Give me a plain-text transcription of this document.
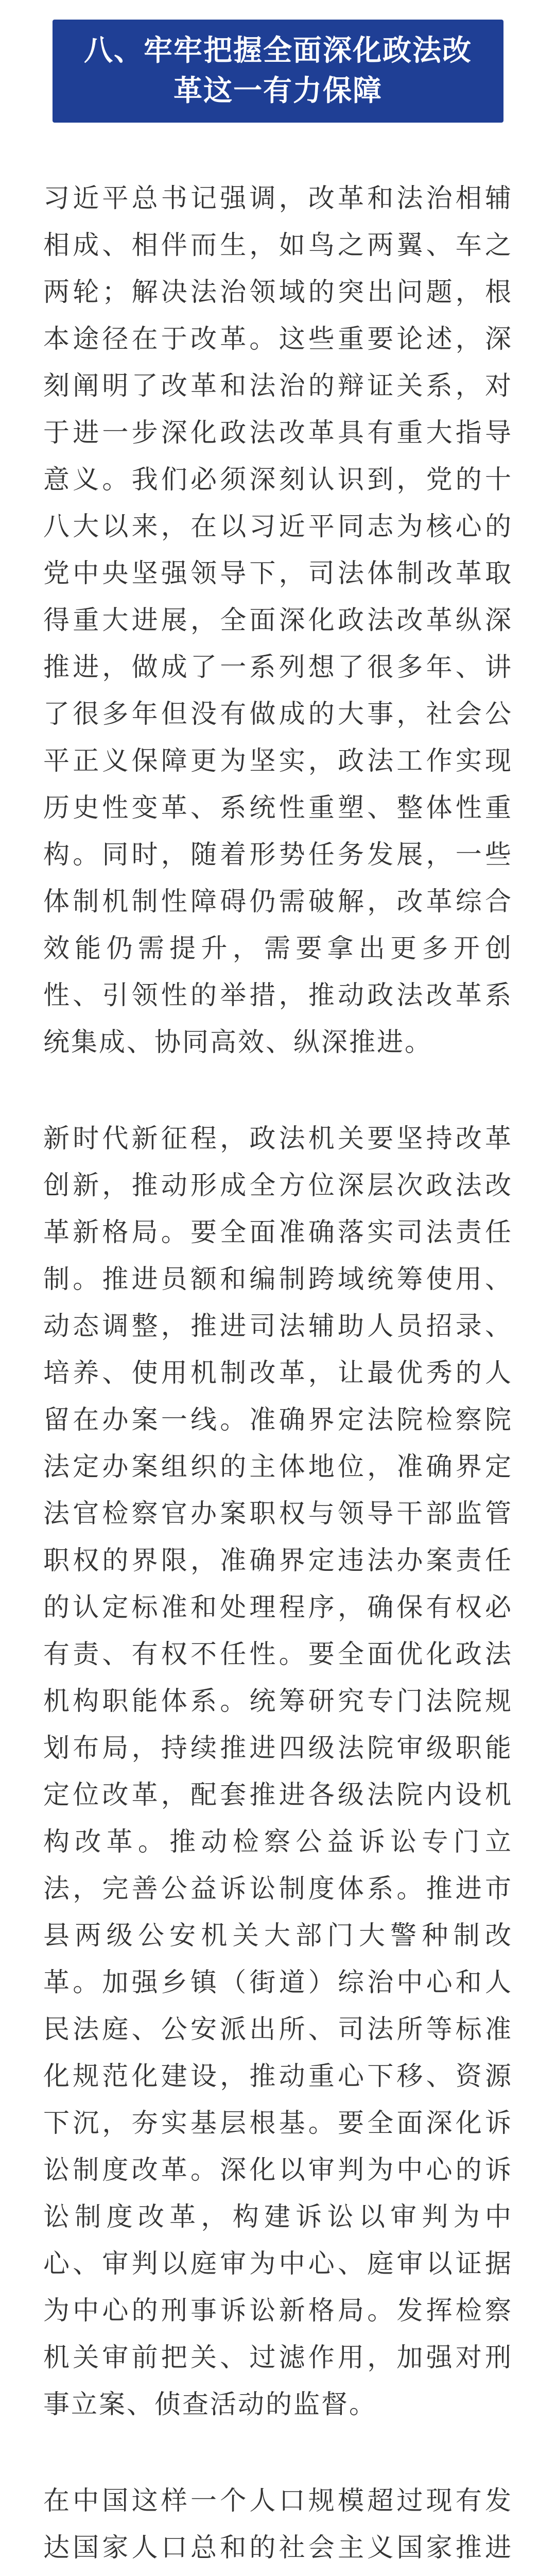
八、牢牢把握全面深化政法改革这一有力保障

习近平总书记强调，改革和法治相辅相成、相伴而生，如鸟之两翼、车之两轮；解决法治领域的突出问题，根本途径在于改革。这些重要论述，深刻阐明了改革和法治的辩证关系，对于进一步深化政法改革具有重大指导意义。我们必须深刻认识到，党的十八大以来，在以习近平同志为核心的党中央坚强领导下，司法体制改革取得重大进展，全面深化政法改革纵深推进，做成了一系列想了很多年、讲了很多年但没有做成的大事，社会公平正义保障更为坚实，政法工作实现历史性变革、系统性重塑、整体性重构。同时，随着形势任务发展，一些体制机制性障碍仍需破解，改革综合效能仍需提升，需要拿出更多开创性、引领性的举措，推动政法改革系统集成、协同高效、纵深推进。

新时代新征程，政法机关要坚持改革创新，推动形成全方位深层次政法改革新格局。要全面准确落实司法责任制。推进员额和编制跨域统筹使用、动态调整，推进司法辅助人员招录、培养、使用机制改革，让最优秀的人留在办案一线。准确界定法院检察院法定办案组织的主体地位，准确界定法官检察官办案职权与领导干部监管职权的界限，准确界定违法办案责任的认定标准和处理程序，确保有权必有责、有权不任性。要全面优化政法机构职能体系。统筹研究专门法院规划布局，持续推进四级法院审级职能定位改革，配套推进各级法院内设机构改革。推动检察公益诉讼专门立法，完善公益诉讼制度体系。推进市县两级公安机关大部门大警种制改革。加强乡镇（街道）综治中心和人民法庭、公安派出所、司法所等标准化规范化建设，推动重心下移、资源下沉，夯实基层根基。要全面深化诉讼制度改革。深化以审判为中心的诉讼制度改革，构建诉讼以审判为中心、审判以庭审为中心、庭审以证据为中心的刑事诉讼新格局。发挥检察机关审前把关、过滤作用，加强对刑事立案、侦查活动的监督。

在中国这样一个人口规模超过现有发达国家人口总和的社会主义国家推进
